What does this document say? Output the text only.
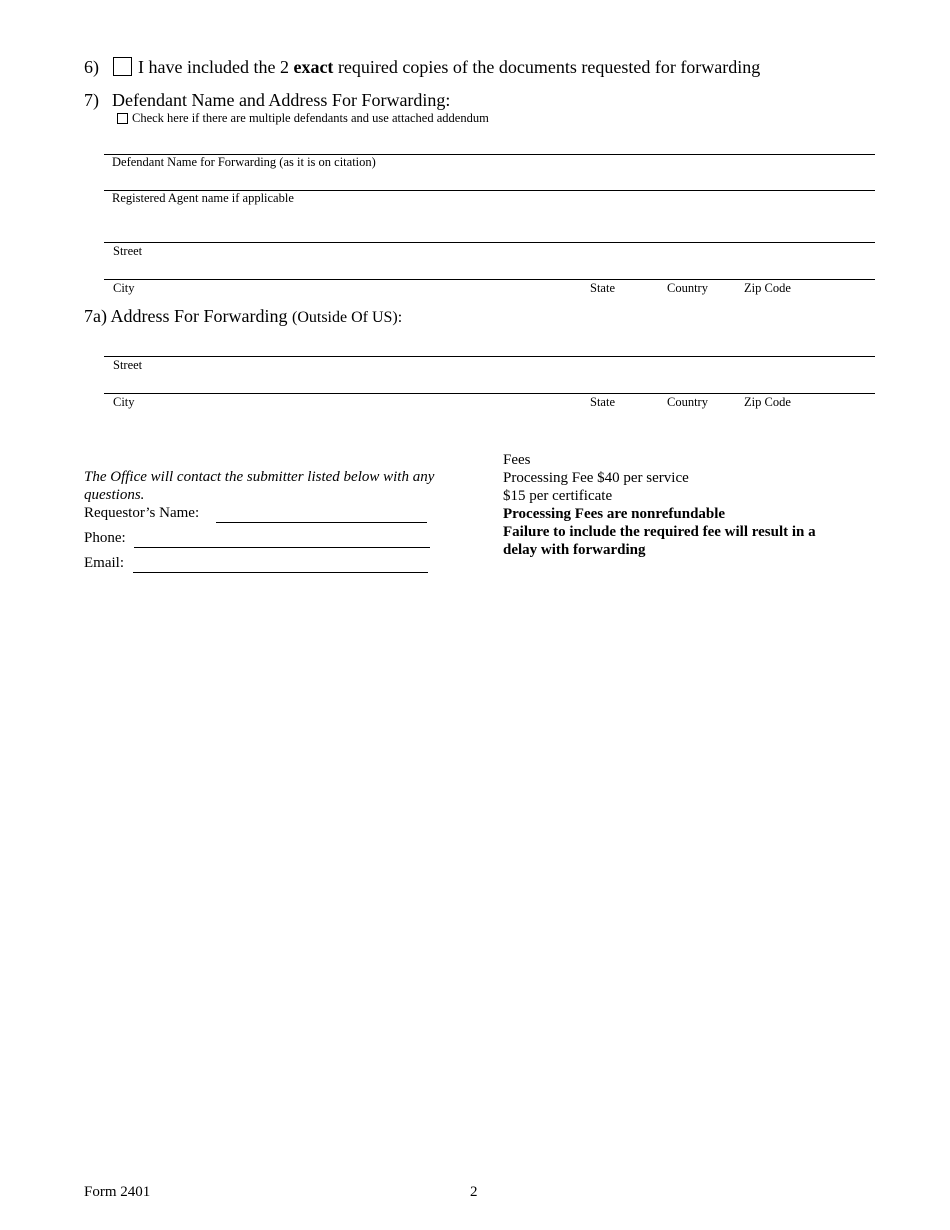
6) I have included the 2 exact required copies of the documents requested for forwarding
7) Defendant Name and Address For Forwarding:
Check here if there are multiple defendants and use attached addendum
Defendant Name for Forwarding (as it is on citation)
Registered Agent name if applicable
Street
City	State	Country	Zip Code
7a) Address For Forwarding (Outside Of US):
Street
City	State	Country	Zip Code
The Office will contact the submitter listed below with any
questions.
Requestor’s Name:
Phone:
Email:
Fees
Processing Fee $40 per service
$15 per certificate
Processing Fees are nonrefundable
Failure to include the required fee will result in a
delay with forwarding
Form 2401	2
